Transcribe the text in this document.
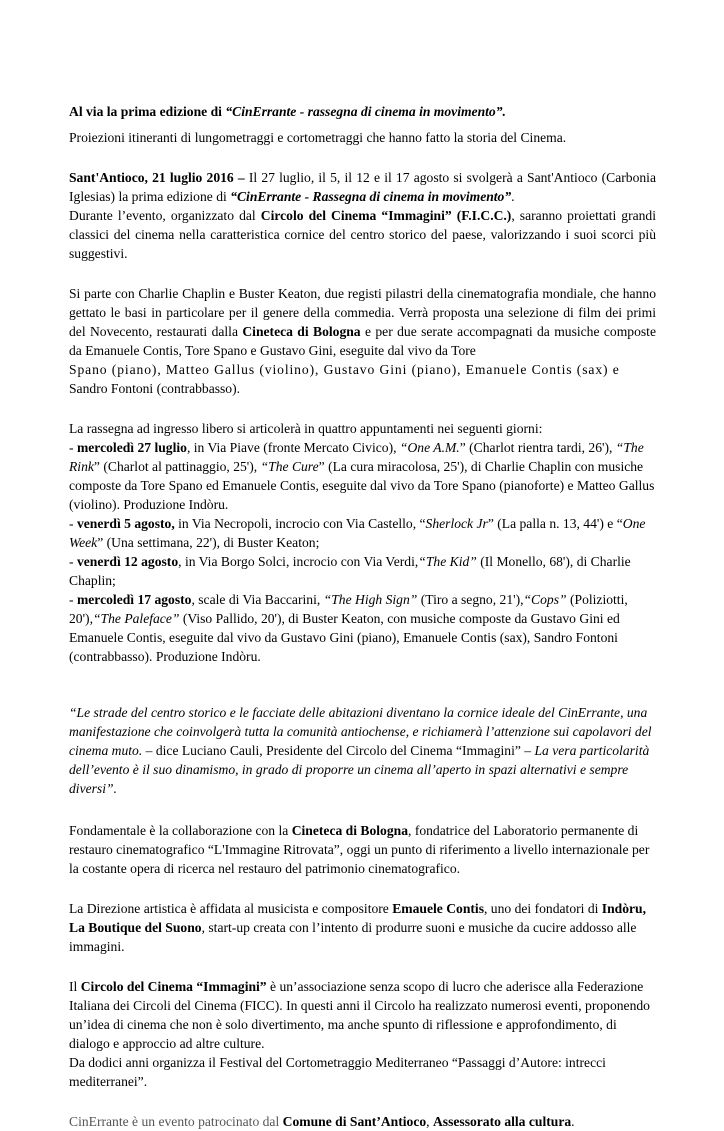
Al via la prima edizione di “CinErrante - rassegna di cinema in movimento”.

Proiezioni itineranti di lungometraggi e cortometraggi che hanno fatto la storia del Cinema.

Sant'Antioco, 21 luglio 2016 – Il 27 luglio, il 5, il 12 e il 17 agosto si svolgerà a Sant'Antioco (Carbonia Iglesias) la prima edizione di “CinErrante - Rassegna di cinema in movimento”.

Durante l’evento, organizzato dal Circolo del Cinema “Immagini” (F.I.C.C.), saranno proiettati grandi classici del cinema nella caratteristica cornice del centro storico del paese, valorizzando i suoi scorci più suggestivi.

Si parte con Charlie Chaplin e Buster Keaton, due registi pilastri della cinematografia mondiale, che hanno gettato le basi in particolare per il genere della commedia. Verrà proposta una selezione di film dei primi del Novecento, restaurati dalla Cineteca di Bologna e per due serate accompagnati da musiche composte da Emanuele Contis, Tore Spano e Gustavo Gini, eseguite dal vivo da Tore

Spano (piano), Matteo Gallus (violino), Gustavo Gini (piano), Emanuele Contis (sax) e

Sandro Fontoni (contrabbasso).

La rassegna ad ingresso libero si articolerà in quattro appuntamenti nei seguenti giorni:

- mercoledì 27 luglio, in Via Piave (fronte Mercato Civico), “One A.M.” (Charlot rientra tardi, 26'), “The Rink” (Charlot al pattinaggio, 25'), “The Cure” (La cura miracolosa, 25'), di Charlie Chaplin con musiche composte da Tore Spano ed Emanuele Contis, eseguite dal vivo da Tore Spano (pianoforte) e Matteo Gallus (violino). Produzione Indòru.

- venerdì 5 agosto, in Via Necropoli, incrocio con Via Castello, “Sherlock Jr” (La palla n. 13, 44') e “One Week” (Una settimana, 22'), di Buster Keaton;

- venerdì 12 agosto, in Via Borgo Solci, incrocio con Via Verdi,“The Kid” (Il Monello, 68'), di Charlie Chaplin;

- mercoledì 17 agosto, scale di Via Baccarini, “The High Sign” (Tiro a segno, 21'),“Cops” (Poliziotti, 20'),“The Paleface” (Viso Pallido, 20'), di Buster Keaton, con musiche composte da Gustavo Gini ed Emanuele Contis, eseguite dal vivo da Gustavo Gini (piano), Emanuele Contis (sax), Sandro Fontoni (contrabbasso). Produzione Indòru.

“Le strade del centro storico e le facciate delle abitazioni diventano la cornice ideale del CinErrante, una manifestazione che coinvolgerà tutta la comunità antiochense, e richiamerà l’attenzione sui capolavori del cinema muto. – dice Luciano Cauli, Presidente del Circolo del Cinema “Immagini” – La vera particolarità dell’evento è il suo dinamismo, in grado di proporre un cinema all’aperto in spazi alternativi e sempre diversi”.

Fondamentale è la collaborazione con la Cineteca di Bologna, fondatrice del Laboratorio permanente di restauro cinematografico “L'Immagine Ritrovata”, oggi un punto di riferimento a livello internazionale per la costante opera di ricerca nel restauro del patrimonio cinematografico.

La Direzione artistica è affidata al musicista e compositore Emauele Contis, uno dei fondatori di Indòru, La Boutique del Suono, start-up creata con l’intento di produrre suoni e musiche da cucire addosso alle immagini.

Il Circolo del Cinema “Immagini” è un’associazione senza scopo di lucro che aderisce alla Federazione Italiana dei Circoli del Cinema (FICC). In questi anni il Circolo ha realizzato numerosi eventi, proponendo un’idea di cinema che non è solo divertimento, ma anche spunto di riflessione e approfondimento, di dialogo e approccio ad altre culture.

Da dodici anni organizza il Festival del Cortometraggio Mediterraneo “Passaggi d’Autore: intrecci mediterranei”.

CinErrante è un evento patrocinato dal Comune di Sant’Antioco, Assessorato alla cultura.
